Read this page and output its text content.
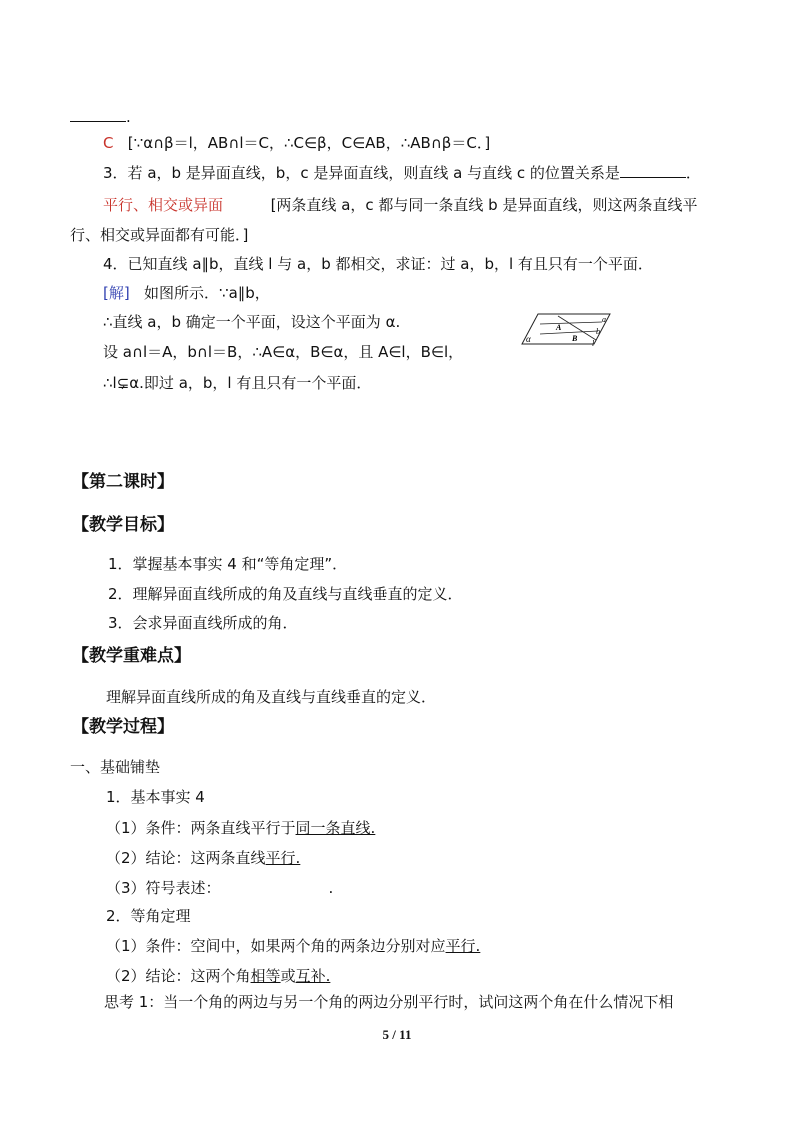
.
C [∵α∩β＝l，AB∩l＝C，∴C∈β，C∈AB，∴AB∩β＝C．]
3．若 a，b 是异面直线，b，c 是异面直线，则直线 a 与直线 c 的位置关系是	．
平行、相交或异面	[两条直线 a，c 都与同一条直线 b 是异面直线，则这两条直线平
行、相交或异面都有可能．]
4．已知直线 a∥b，直线 l 与 a，b 都相交，求证：过 a，b，l 有且只有一个平面．
[解] 如图所示．∵a∥b，
∴直线 a，b 确定一个平面，设这个平面为 α.
设 a∩l＝A，b∩l＝B，∴A∈α，B∈α，且 A∈l，B∈l，
∴l⊊α.即过 a，b，l 有且只有一个平面．
α
A
B
a
b
l
【第二课时】
【教学目标】
1．掌握基本事实 4 和“等角定理”．
2．理解异面直线所成的角及直线与直线垂直的定义．
3．会求异面直线所成的角．
【教学重难点】
理解异面直线所成的角及直线与直线垂直的定义．
【教学过程】
一、基础铺垫
1．基本事实 4
（1）条件：两条直线平行于同一条直线.
（2）结论：这两条直线平行.
（3）符号表述：	.
2．等角定理
（1）条件：空间中，如果两个角的两条边分别对应平行.
（2）结论：这两个角相等或互补.
思考 1：当一个角的两边与另一个角的两边分别平行时，试问这两个角在什么情况下相
5 / 11
